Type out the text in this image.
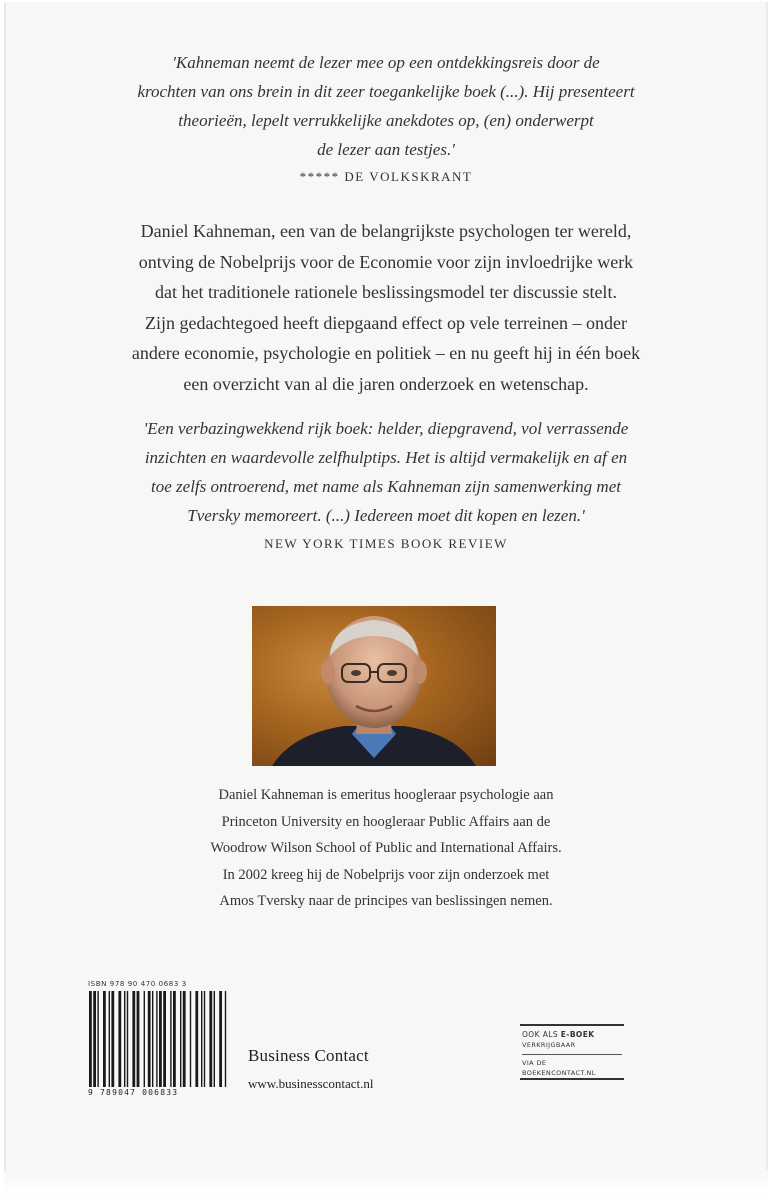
'Kahneman neemt de lezer mee op een ontdekkingsreis door de
krochten van ons brein in dit zeer toegankelijke boek (...). Hij presenteert
theorieën, lepelt verrukkelijke anekdotes op, (en) onderwerpt
de lezer aan testjes.'
***** DE VOLKSKRANT
Daniel Kahneman, een van de belangrijkste psychologen ter wereld,
ontving de Nobelprijs voor de Economie voor zijn invloedrijke werk
dat het traditionele rationele beslissingsmodel ter discussie stelt.
Zijn gedachtegoed heeft diepgaand effect op vele terreinen – onder
andere economie, psychologie en politiek – en nu geeft hij in één boek
een overzicht van al die jaren onderzoek en wetenschap.
'Een verbazingwekkend rijk boek: helder, diepgravend, vol verrassende
inzichten en waardevolle zelfhulptips. Het is altijd vermakelijk en af en
toe zelfs ontroerend, met name als Kahneman zijn samenwerking met
Tversky memoreert. (...) Iedereen moet dit kopen en lezen.'
NEW YORK TIMES BOOK REVIEW
Daniel Kahneman is emeritus hoogleraar psychologie aan
Princeton University en hoogleraar Public Affairs aan de
Woodrow Wilson School of Public and International Affairs.
In 2002 kreeg hij de Nobelprijs voor zijn onderzoek met
Amos Tversky naar de principes van beslissingen nemen.
ISBN 978 90 470 0683 3
9 789047 006833
Business Contact
www.businesscontact.nl
OOK ALS E-BOEK
VERKRIJGBAAR
VIA DE
BOEKENCONTACT.NL
